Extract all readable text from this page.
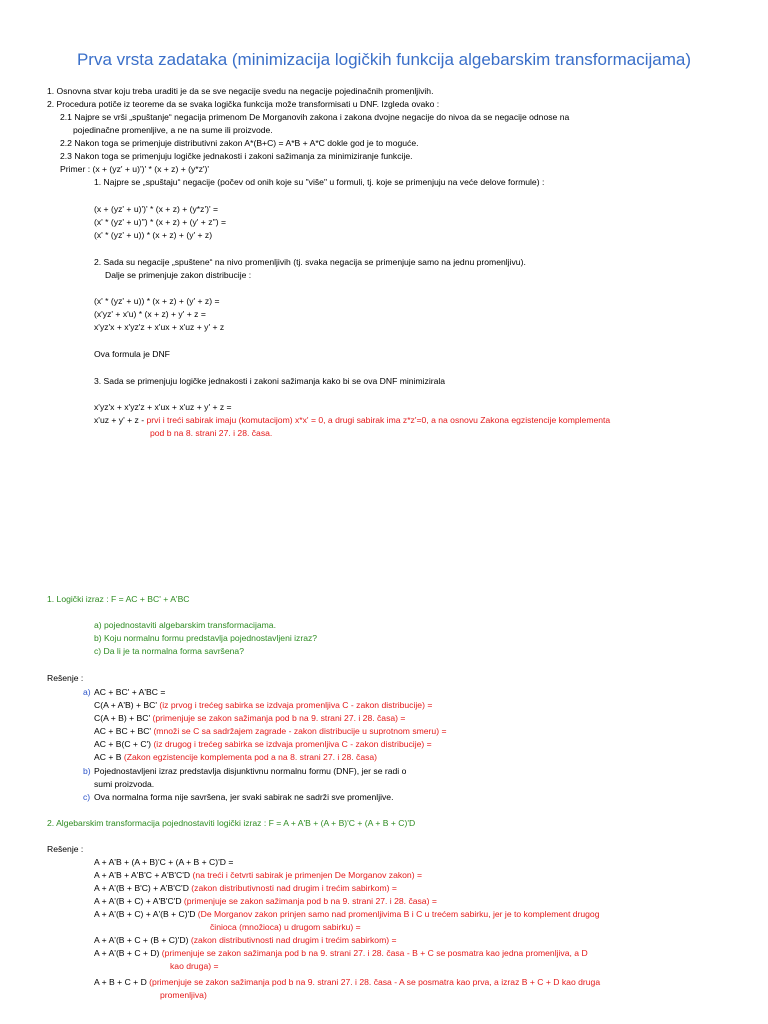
Prva vrsta zadataka (minimizacija logičkih funkcija algebarskim transformacijama)
1. Osnovna stvar koju treba uraditi je da se sve negacije svedu na negacije pojedinačnih promenljivih.
2. Procedura potiče iz teoreme da se svaka logička funkcija može transformisati u DNF. Izgleda ovako :
2.1 Najpre se vrši „spuštanje“ negacija primenom De Morganovih zakona i zakona dvojne negacije do nivoa da se negacije odnose na
pojedinačne promenljive, a ne na sume ili proizvode.
2.2 Nakon toga se primenjuje distributivni zakon A*(B+C) = A*B + A*C dokle god je to moguće.
2.3 Nakon toga se primenjuju logičke jednakosti i zakoni sažimanja za minimiziranje funkcije.
Primer : (x + (yz' + u)')' * (x + z) + (y*z')'
1. Najpre se „spuštaju“ negacije (počev od onih koje su "više" u formuli, tj. koje se primenjuju na veće delove formule) :
(x + (yz' + u)')' * (x + z) + (y*z')' =
(x' * (yz' + u)'') * (x + z) + (y' + z'') =
(x' * (yz' + u)) * (x + z) + (y' + z)
2. Sada su negacije „spuštene“ na nivo promenljivih (tj. svaka negacija se primenjuje samo na jednu promenljivu).
Dalje se primenjuje zakon distribucije :
(x' * (yz' + u)) * (x + z) + (y' + z) =
(x'yz' + x'u) * (x + z) + y' + z =
x'yz'x + x'yz'z + x'ux + x'uz + y' + z
Ova formula je DNF
3. Sada se primenjuju logičke jednakosti i zakoni sažimanja kako bi se ova DNF minimizirala
x'yz'x + x'yz'z + x'ux + x'uz + y' + z =
x'uz + y' + z - prvi i treći sabirak imaju (komutacijom) x*x' = 0, a drugi sabirak ima z*z'=0, a na osnovu Zakona egzistencije komplementa
pod b na 8. strani 27. i 28. časa.
1. Logički izraz : F = AC + BC' + A'BC
a) pojednostaviti algebarskim transformacijama.
b) Koju normalnu formu predstavlja pojednostavljeni izraz?
c) Da li je ta normalna forma savršena?
Rešenje :
a) AC + BC' + A'BC =
C(A + A'B) + BC' (iz prvog i trećeg sabirka se izdvaja promenljiva C - zakon distribucije) =
C(A + B) + BC' (primenjuje se zakon sažimanja pod b na 9. strani 27. i 28. časa) =
AC + BC + BC' (množi se C sa sadržajem zagrade - zakon distribucije u suprotnom smeru) =
AC + B(C + C') (iz drugog i trećeg sabirka se izdvaja promenljiva C - zakon distribucije) =
AC + B (Zakon egzistencije komplementa pod a na 8. strani 27. i 28. časa)
b) Pojednostavljeni izraz predstavlja disjunktivnu normalnu formu (DNF), jer se radi o
sumi proizvoda.
c) Ova normalna forma nije savršena, jer svaki sabirak ne sadrži sve promenljive.
2. Algebarskim transformacija pojednostaviti logički izraz : F = A + A'B + (A + B)'C + (A + B + C)'D
Rešenje :
A + A'B + (A + B)'C + (A + B + C)'D =
A + A'B + A'B'C + A'B'C'D (na treći i četvrti sabirak je primenjen De Morganov zakon) =
A + A'(B + B'C) + A'B'C'D (zakon distributivnosti nad drugim i trećim sabirkom) =
A + A'(B + C) + A'B'C'D (primenjuje se zakon sažimanja pod b na 9. strani 27. i 28. časa) =
A + A'(B + C) + A'(B + C)'D (De Morganov zakon prinjen samo nad promenljivima B i C u trećem sabirku, jer je to komplement drugog
činioca (množioca) u drugom sabirku) =
A + A'(B + C + (B + C)'D) (zakon distributivnosti nad drugim i trećim sabirkom) =
A + A'(B + C + D) (primenjuje se zakon sažimanja pod b na 9. strani 27. i 28. časa - B + C se posmatra kao jedna promenljiva, a D
kao druga) =
A + B + C + D (primenjuje se zakon sažimanja pod b na 9. strani 27. i 28. časa - A se posmatra kao prva, a izraz B + C + D kao druga
promenljiva)
